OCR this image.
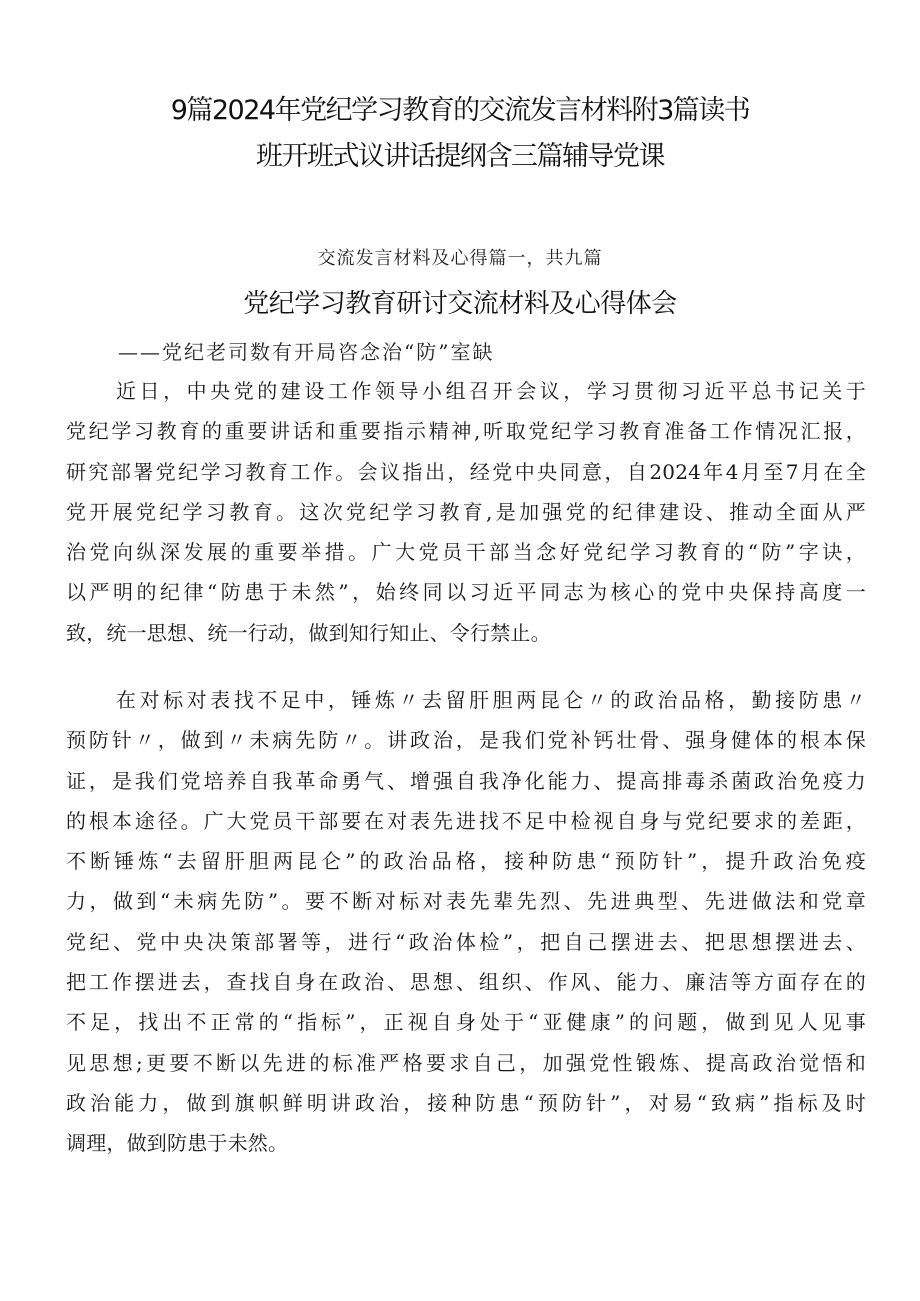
9篇2024年党纪学习教育的交流发言材料附3篇读书
班开班式议讲话提纲含三篇辅导党课
交流发言材料及心得篇一，共九篇
党纪学习教育研讨交流材料及心得体会
——党纪老司数有开局咨念治“防”室缺
近日，中央党的建设工作领导小组召开会议，学习贯彻习近平总书记关于
党纪学习教育的重要讲话和重要指示精神,听取党纪学习教育准备工作情况汇报，
研究部署党纪学习教育工作。会议指出，经党中央同意，自2024年4月至7月在全
党开展党纪学习教育。这次党纪学习教育,是加强党的纪律建设、推动全面从严
治党向纵深发展的重要举措。广大党员干部当念好党纪学习教育的“防”字诀，
以严明的纪律“防患于未然”，始终同以习近平同志为核心的党中央保持高度一
致，统一思想、统一行动，做到知行知止、令行禁止。
在对标对表找不足中，锤炼〃去留肝胆两昆仑〃的政治品格，勤接防患〃
预防针〃，做到〃未病先防〃。讲政治，是我们党补钙壮骨、强身健体的根本保
证，是我们党培养自我革命勇气、增强自我净化能力、提高排毒杀菌政治免疫力
的根本途径。广大党员干部要在对表先进找不足中检视自身与党纪要求的差距，
不断锤炼“去留肝胆两昆仑”的政治品格，接种防患“预防针”，提升政治免疫
力，做到“未病先防”。要不断对标对表先辈先烈、先进典型、先进做法和党章
党纪、党中央决策部署等，进行“政治体检”，把自己摆进去、把思想摆进去、
把工作摆进去，查找自身在政治、思想、组织、作风、能力、廉洁等方面存在的
不足，找出不正常的“指标”，正视自身处于“亚健康”的问题，做到见人见事
见思想;更要不断以先进的标准严格要求自己，加强党性锻炼、提高政治觉悟和
政治能力，做到旗帜鲜明讲政治，接种防患“预防针”，对易“致病”指标及时
调理，做到防患于未然。
